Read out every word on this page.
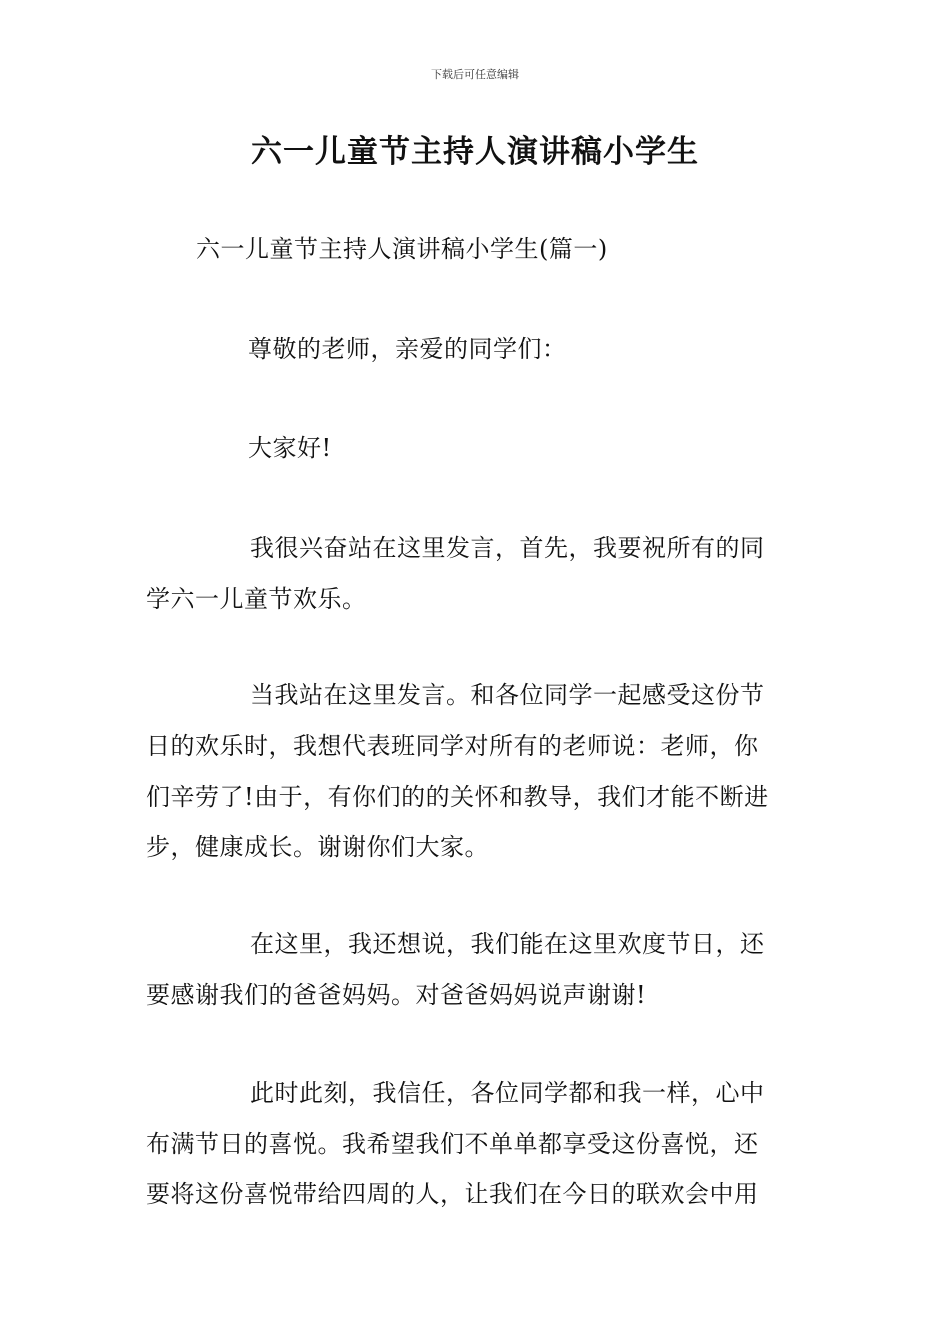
下载后可任意编辑
六一儿童节主持人演讲稿小学生
六一儿童节主持人演讲稿小学生(篇一)
尊敬的老师，亲爱的同学们：
大家好!
我很兴奋站在这里发言，首先，我要祝所有的同
学六一儿童节欢乐。
当我站在这里发言。和各位同学一起感受这份节
日的欢乐时，我想代表班同学对所有的老师说：老师，你
们辛劳了!由于，有你们的的关怀和教导，我们才能不断进
步，健康成长。谢谢你们大家。
在这里，我还想说，我们能在这里欢度节日，还
要感谢我们的爸爸妈妈。对爸爸妈妈说声谢谢!
此时此刻，我信任，各位同学都和我一样，心中
布满节日的喜悦。我希望我们不单单都享受这份喜悦，还
要将这份喜悦带给四周的人，让我们在今日的联欢会中用
